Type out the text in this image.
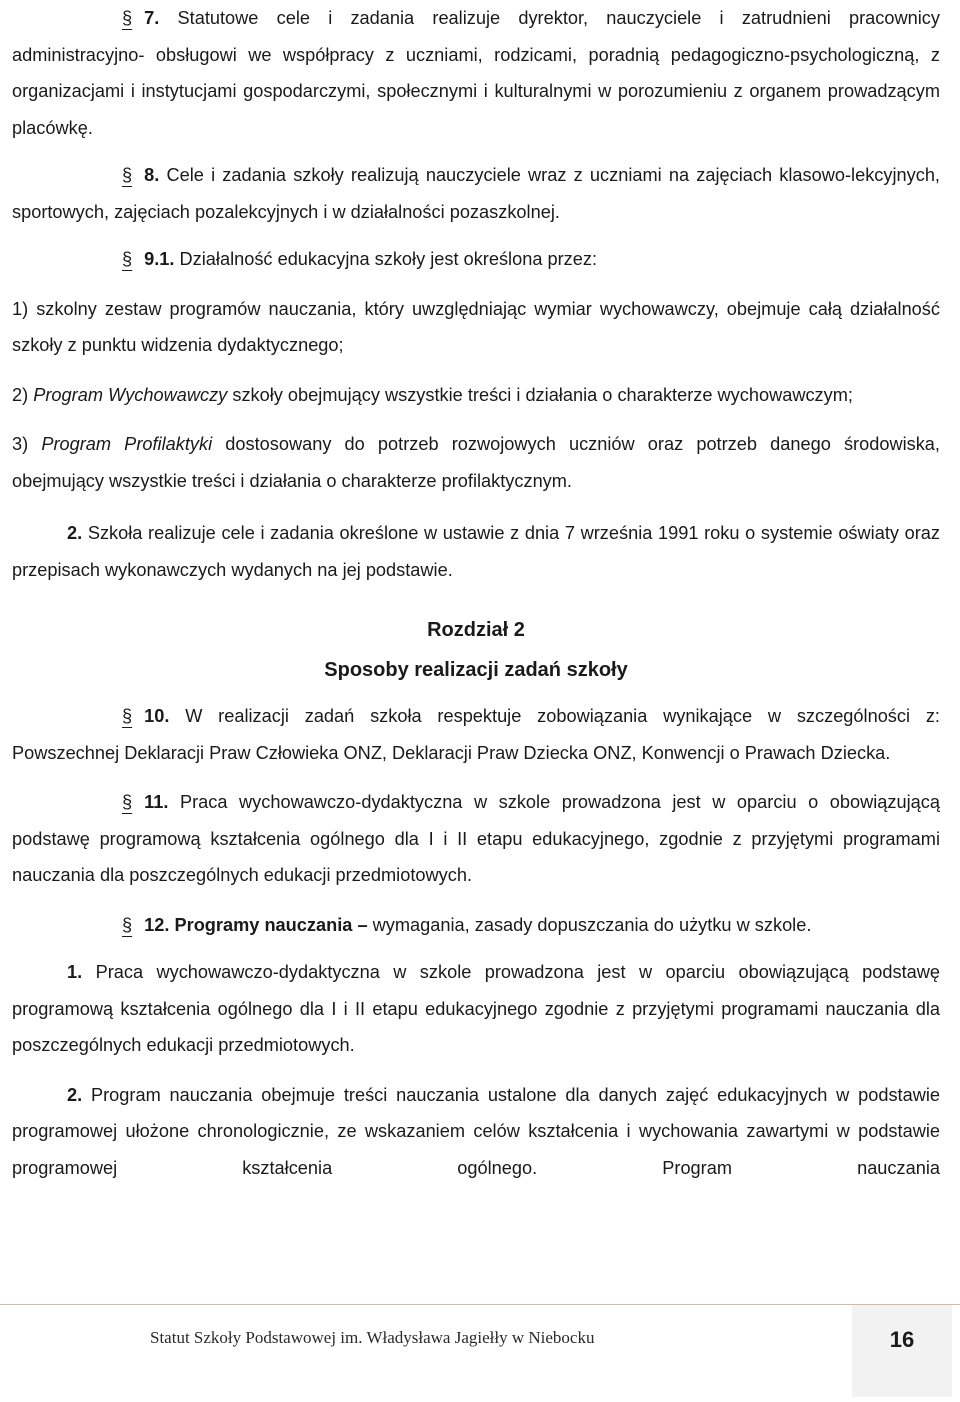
§ 7. Statutowe cele i zadania realizuje dyrektor, nauczyciele i zatrudnieni pracownicy administracyjno- obsługowi we współpracy z uczniami, rodzicami, poradnią pedagogiczno-psychologiczną, z organizacjami i instytucjami gospodarczymi, społecznymi i kulturalnymi w porozumieniu z organem prowadzącym placówkę.

§ 8. Cele i zadania szkoły realizują nauczyciele wraz z uczniami na zajęciach klasowo-lekcyjnych, sportowych, zajęciach pozalekcyjnych i w działalności pozaszkolnej.

§ 9.1. Działalność edukacyjna szkoły jest określona przez:

1) szkolny zestaw programów nauczania, który uwzględniając wymiar wychowawczy, obejmuje całą działalność szkoły z punktu widzenia dydaktycznego;

2) Program Wychowawczy szkoły obejmujący wszystkie treści i działania o charakterze wychowawczym;

3) Program Profilaktyki dostosowany do potrzeb rozwojowych uczniów oraz potrzeb danego środowiska, obejmujący wszystkie treści i działania o charakterze profilaktycznym.

2. Szkoła realizuje cele i zadania określone w ustawie z dnia 7 września 1991 roku o systemie oświaty oraz przepisach wykonawczych wydanych na jej podstawie.

Rozdział 2

Sposoby realizacji zadań szkoły

§ 10. W realizacji zadań szkoła respektuje zobowiązania wynikające w szczególności z: Powszechnej Deklaracji Praw Człowieka ONZ, Deklaracji Praw Dziecka ONZ, Konwencji o Prawach Dziecka.

§ 11. Praca wychowawczo-dydaktyczna w szkole prowadzona jest w oparciu o obowiązującą podstawę programową kształcenia ogólnego dla I i II etapu edukacyjnego, zgodnie z przyjętymi programami nauczania dla poszczególnych edukacji przedmiotowych.

§ 12. Programy nauczania – wymagania, zasady dopuszczania do użytku w szkole.

1. Praca wychowawczo-dydaktyczna w szkole prowadzona jest w oparciu obowiązującą podstawę programową kształcenia ogólnego dla I i II etapu edukacyjnego zgodnie z przyjętymi programami nauczania dla poszczególnych edukacji przedmiotowych.

2. Program nauczania obejmuje treści nauczania ustalone dla danych zajęć edukacyjnych w podstawie programowej ułożone chronologicznie, ze wskazaniem celów kształcenia i wychowania zawartymi w podstawie programowej kształcenia ogólnego. Program nauczania

Statut Szkoły Podstawowej im. Władysława Jagiełły w Niebocku	16
